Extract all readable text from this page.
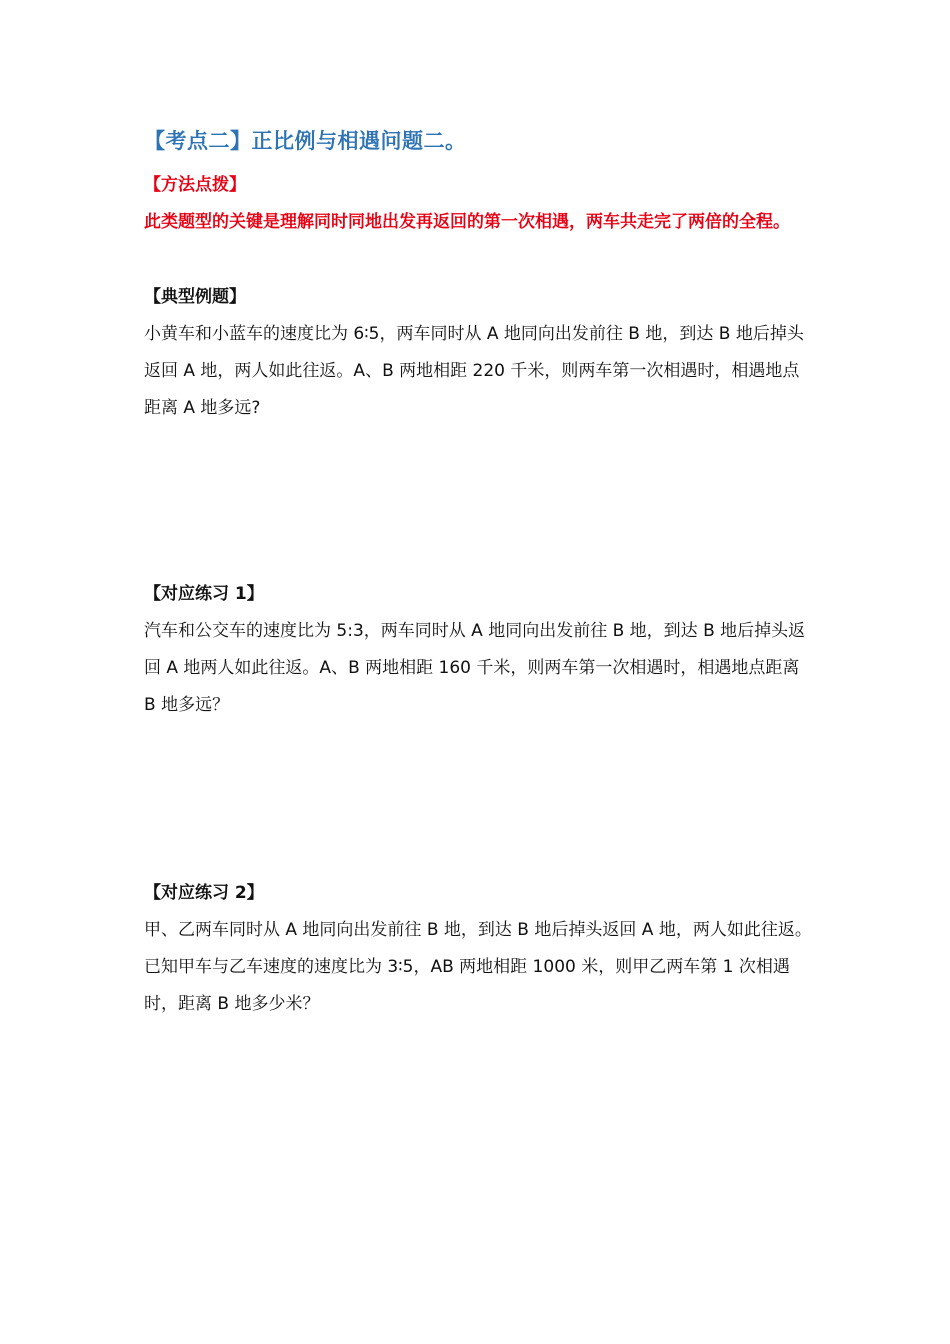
【考点二】正比例与相遇问题二。
【方法点拨】
此类题型的关键是理解同时同地出发再返回的第一次相遇，两车共走完了两倍的全程。
【典型例题】
小黄车和小蓝车的速度比为 6∶5，两车同时从 A 地同向出发前往 B 地，到达 B 地后掉头返回 A 地，两人如此往返。A、B 两地相距 220 千米，则两车第一次相遇时，相遇地点距离 A 地多远?
【对应练习 1】
汽车和公交车的速度比为 5:3，两车同时从 A 地同向出发前往 B 地，到达 B 地后掉头返回 A 地两人如此往返。A、B 两地相距 160 千米，则两车第一次相遇时，相遇地点距离 B 地多远？
【对应练习 2】
甲、乙两车同时从 A 地同向出发前往 B 地，到达 B 地后掉头返回 A 地，两人如此往返。已知甲车与乙车速度的速度比为 3∶5，AB 两地相距 1000 米，则甲乙两车第 1 次相遇时，距离 B 地多少米？
